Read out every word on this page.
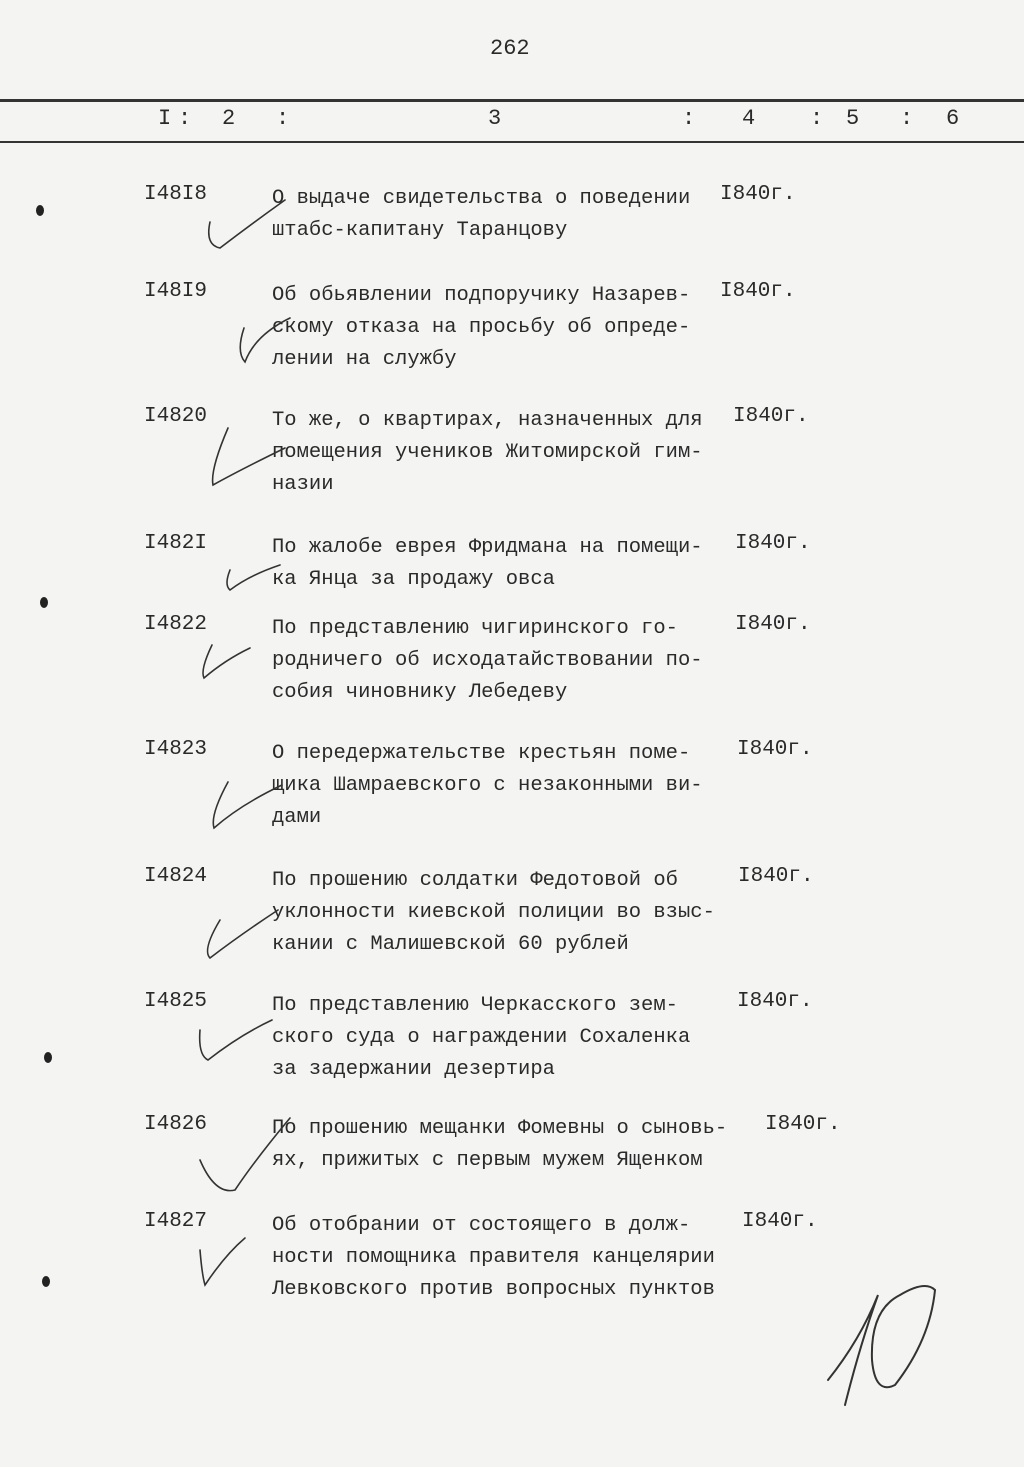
262
I : 2 :	3	: 4 : 5 : 6
I48I8	О выдаче свидетельства о поведении
штабс-капитану Таранцову
I840г.
I48I9	Об обьявлении подпоручику Назарев-
скому отказа на просьбу об опреде-
лении на службу
I840г.
I4820	То же, о квартирах, назначенных для
помещения учеников Житомирской гим-
назии
I840г.
I482I	По жалобе еврея Фридмана на помещи-
ка Янца за продажу овса
I840г.
I4822	По представлению чигиринского го-
родничего об исходатайствовании по-
собия чиновнику Лебедеву
I840г.
I4823	О передержательстве крестьян поме-
щика Шамраевского с незаконными ви-
дами
I840г.
I4824	По прошению солдатки Федотовой об
уклонности киевской полиции во взыс-
кании с Малишевской 60 рублей
I840г.
I4825	По представлению Черкасского зем-
ского суда о награждении Сохаленка
за задержании дезертира
I840г.
I4826	По прошению мещанки Фомевны о сыновь-
ях, прижитых с первым мужем Ященком
I840г.
I4827	Об отобрании от состоящего в долж-
ности помощника правителя канцелярии
Левковского против вопросных пунктов
I840г.
